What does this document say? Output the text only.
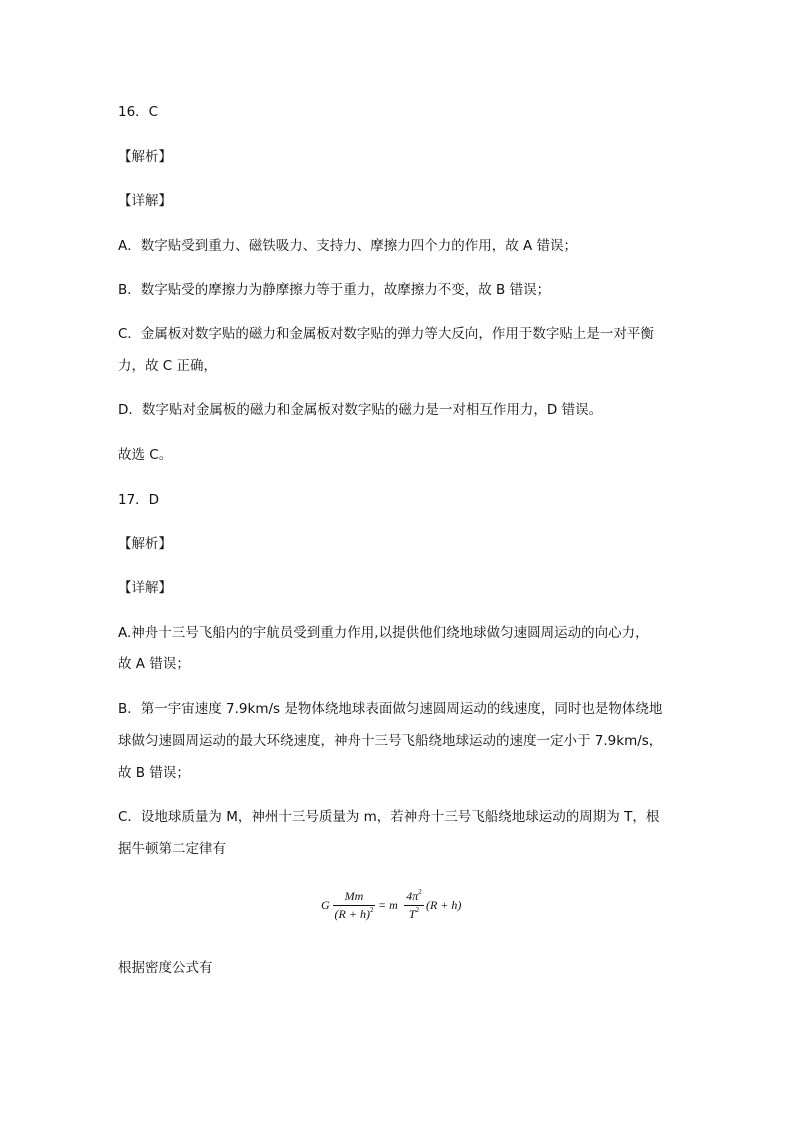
16．C
【解析】
【详解】
A．数字贴受到重力、磁铁吸力、支持力、摩擦力四个力的作用，故 A 错误；
B．数字贴受的摩擦力为静摩擦力等于重力，故摩擦力不变，故 B 错误；
C．金属板对数字贴的磁力和金属板对数字贴的弹力等大反向，作用于数字贴上是一对平衡
力，故 C 正确，
D．数字贴对金属板的磁力和金属板对数字贴的磁力是一对相互作用力，D 错误。
故选 C。
17．D
【解析】
【详解】
A.神舟十三号飞船内的宇航员受到重力作用,以提供他们绕地球做匀速圆周运动的向心力，
故 A 错误；
B．第一宇宙速度 7.9km/s 是物体绕地球表面做匀速圆周运动的线速度，同时也是物体绕地
球做匀速圆周运动的最大环绕速度，神舟十三号飞船绕地球运动的速度一定小于 7.9km/s，
故 B 错误；
C．设地球质量为 M，神州十三号质量为 m，若神舟十三号飞船绕地球运动的周期为 T，根
据牛顿第二定律有
G
Mm
$(R + h)^2 = m$
$4\pi^2$
$T^2$ (R + h)
根据密度公式有
